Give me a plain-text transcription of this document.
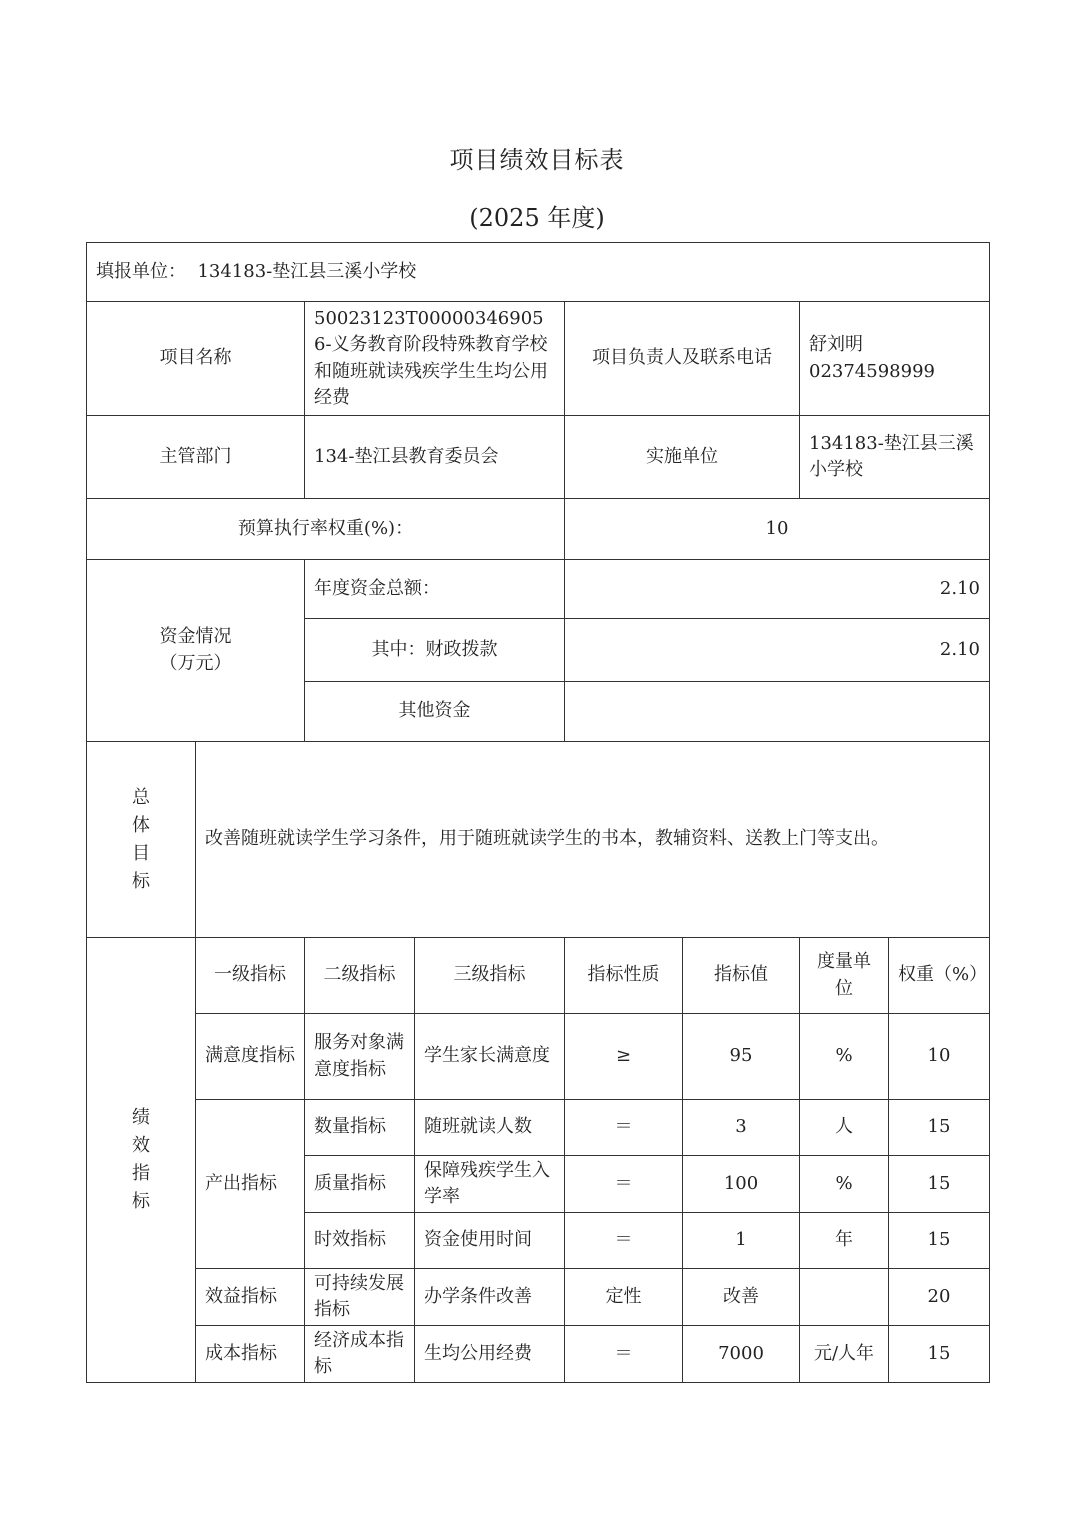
项目绩效目标表
(2025 年度)
填报单位： 134183-垫江县三溪小学校							
项目名称		50023123T000003469056-义务教育阶段特殊教育学校和随班就读残疾学生生均公用经费		项目负责人及联系电话		舒刘明
02374598999	

主管部门		134-垫江县教育委员会		实施单位		134183-垫江县三溪小学校	
预算执行率权重(%)：				10			

资金情况
（万元）		年度资金总额：		2.10			
		其中：财政拨款		2.10			
		其他资金					

总
体
目
标	改善随班就读学生学习条件，用于随班就读学生的书本，教辅资料、送教上门等支出。						

绩
效
指
标	一级指标	二级指标	三级指标	指标性质	指标值	度量单位	权重（%）
	满意度指标	服务对象满意度指标	学生家长满意度	≥	95	%	10
	产出指标	数量指标	随班就读人数	＝	3	人	15
		质量指标	保障残疾学生入学率	＝	100	%	15
		时效指标	资金使用时间	＝	1	年	15
	效益指标	可持续发展指标	办学条件改善	定性	改善		20
	成本指标	经济成本指标	生均公用经费	＝	7000	元/人年	15
